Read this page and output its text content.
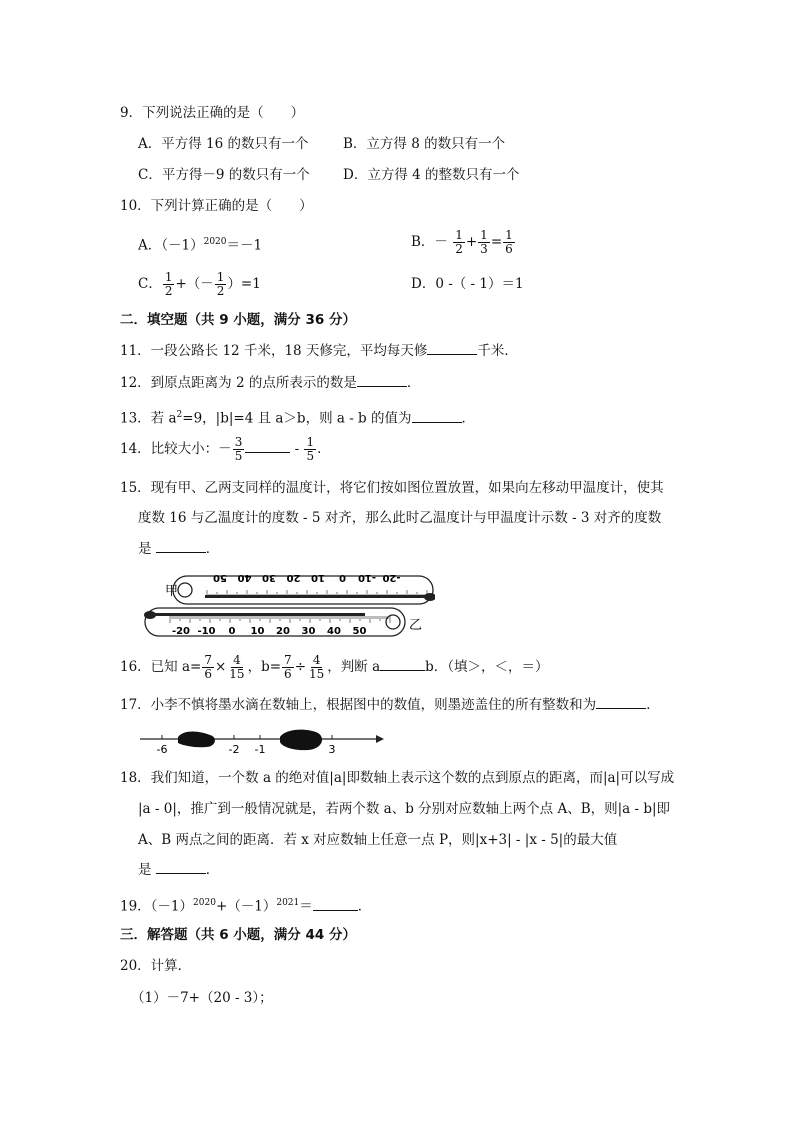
9．下列说法正确的是（　　）
A．平方得 16 的数只有一个	B．立方得 8 的数只有一个
C．平方得－9 的数只有一个 D．立方得 4 的整数只有一个
10．下列计算正确的是（　　）
A．$(-1)^{2020}=-1$	B．－ $\frac{1}{2} + \frac{1}{3} = \frac{1}{6}$
C． $\frac{1}{2}$ +（－ $\frac{1}{2} )=1$	D．0 -（ - 1）＝1
二．填空题（共 9 小题，满分 36 分）
11．一段公路长 12 千米，18 天修完，平均每天修	千米．
12．到原点距离为 2 的点所表示的数是	．
13．若 $a^2=9$，|b|=4 且 a＞b，则 a - b 的值为	．
14．比较大小：－ $\frac{3}{5}$	- $\frac{1}{5}$ ．
15．现有甲、乙两支同样的温度计，将它们按如图位置放置，如果向左移动甲温度计，使其
度数 16 与乙温度计的度数 - 5 对齐，那么此时乙温度计与甲温度计示数 - 3 对齐的度数
是	．
甲
50 40 30 20 10 0 -10 -20
-20 -10 0 10 20 30 40 50	乙
16．已知 $a= \frac{7}{6} \times \frac{4}{15}$ ，$b= \frac{7}{6} \div \frac{4}{15}$ ，判断 a	b．（填＞，＜，＝）
17．小李不慎将墨水滴在数轴上，根据图中的数值，则墨迹盖住的所有整数和为	．
-6	-2 -1	3
18．我们知道，一个数 a 的绝对值|a|即数轴上表示这个数的点到原点的距离，而|a|可以写成
|a - 0|，推广到一般情况就是，若两个数 a、b 分别对应数轴上两个点 A、B，则|a - b|即
A、B 两点之间的距离．若 x 对应数轴上任意一点 P，则|x+3| - |x - 5|的最大值
是	．
19．$(-1)^{2020}+(-1)^{2021}=$	．
三．解答题（共 6 小题，满分 44 分）
20．计算．
（1）－7+（20 - 3）；
